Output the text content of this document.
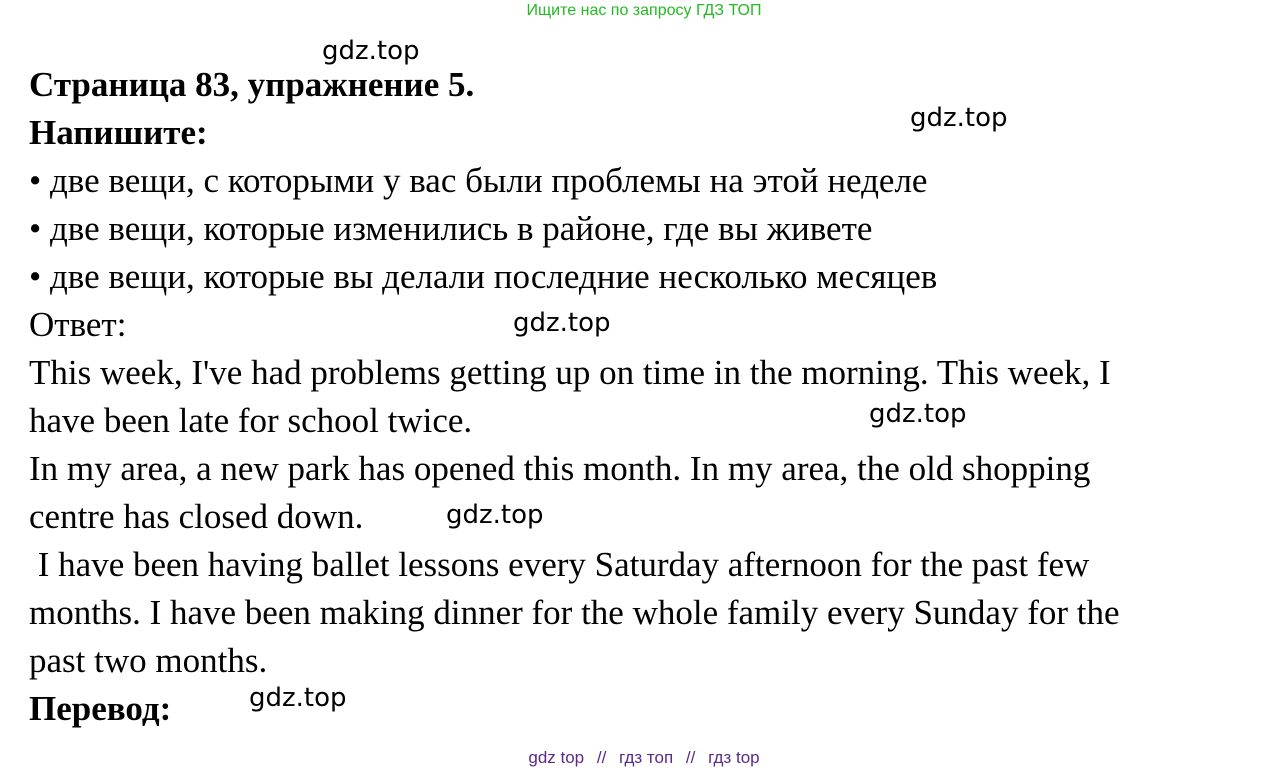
Ищите нас по запросу ГДЗ ТОП
gdz.top
gdz.top
gdz.top
gdz.top
gdz.top
gdz.top
Страница 83, упражнение 5.
Напишите:
• две вещи, с которыми у вас были проблемы на этой неделе
• две вещи, которые изменились в районе, где вы живете
• две вещи, которые вы делали последние несколько месяцев
Ответ:
This week, I've had problems getting up on time in the morning. This week, I
have been late for school twice.
In my area, a new park has opened this month. In my area, the old shopping
centre has closed down.
I have been having ballet lessons every Saturday afternoon for the past few
months. I have been making dinner for the whole family every Sunday for the
past two months.
Перевод:
gdz top // гдз топ // гдз top
